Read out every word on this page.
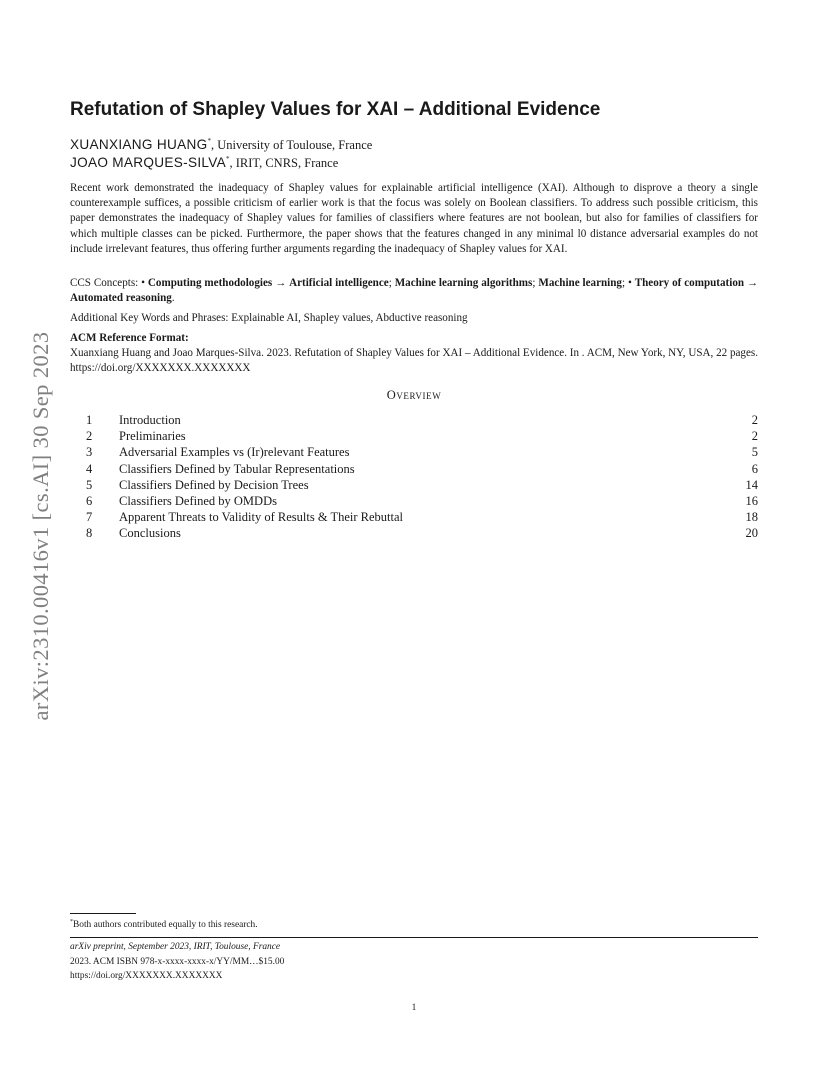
arXiv:2310.00416v1 [cs.AI] 30 Sep 2023
Refutation of Shapley Values for XAI – Additional Evidence
XUANXIANG HUANG*, University of Toulouse, France
JOAO MARQUES-SILVA*, IRIT, CNRS, France
Recent work demonstrated the inadequacy of Shapley values for explainable artificial intelligence (XAI). Although to disprove a theory a single counterexample suffices, a possible criticism of earlier work is that the focus was solely on Boolean classifiers. To address such possible criticism, this paper demonstrates the inadequacy of Shapley values for families of classifiers where features are not boolean, but also for families of classifiers for which multiple classes can be picked. Furthermore, the paper shows that the features changed in any minimal l0 distance adversarial examples do not include irrelevant features, thus offering further arguments regarding the inadequacy of Shapley values for XAI.
CCS Concepts: • Computing methodologies → Artificial intelligence; Machine learning algorithms; Machine learning; • Theory of computation → Automated reasoning.
Additional Key Words and Phrases: Explainable AI, Shapley values, Abductive reasoning
ACM Reference Format:
Xuanxiang Huang and Joao Marques-Silva. 2023. Refutation of Shapley Values for XAI – Additional Evidence. In . ACM, New York, NY, USA, 22 pages. https://doi.org/XXXXXXX.XXXXXXX
Overview
1 Introduction	2
2 Preliminaries	2
3 Adversarial Examples vs (Ir)relevant Features	5
4 Classifiers Defined by Tabular Representations	6
5 Classifiers Defined by Decision Trees	14
6 Classifiers Defined by OMDDs	16
7 Apparent Threats to Validity of Results & Their Rebuttal	18
8 Conclusions	20
*Both authors contributed equally to this research.
arXiv preprint, September 2023, IRIT, Toulouse, France
2023. ACM ISBN 978-x-xxxx-xxxx-x/YY/MM…$15.00
https://doi.org/XXXXXXX.XXXXXXX
1
